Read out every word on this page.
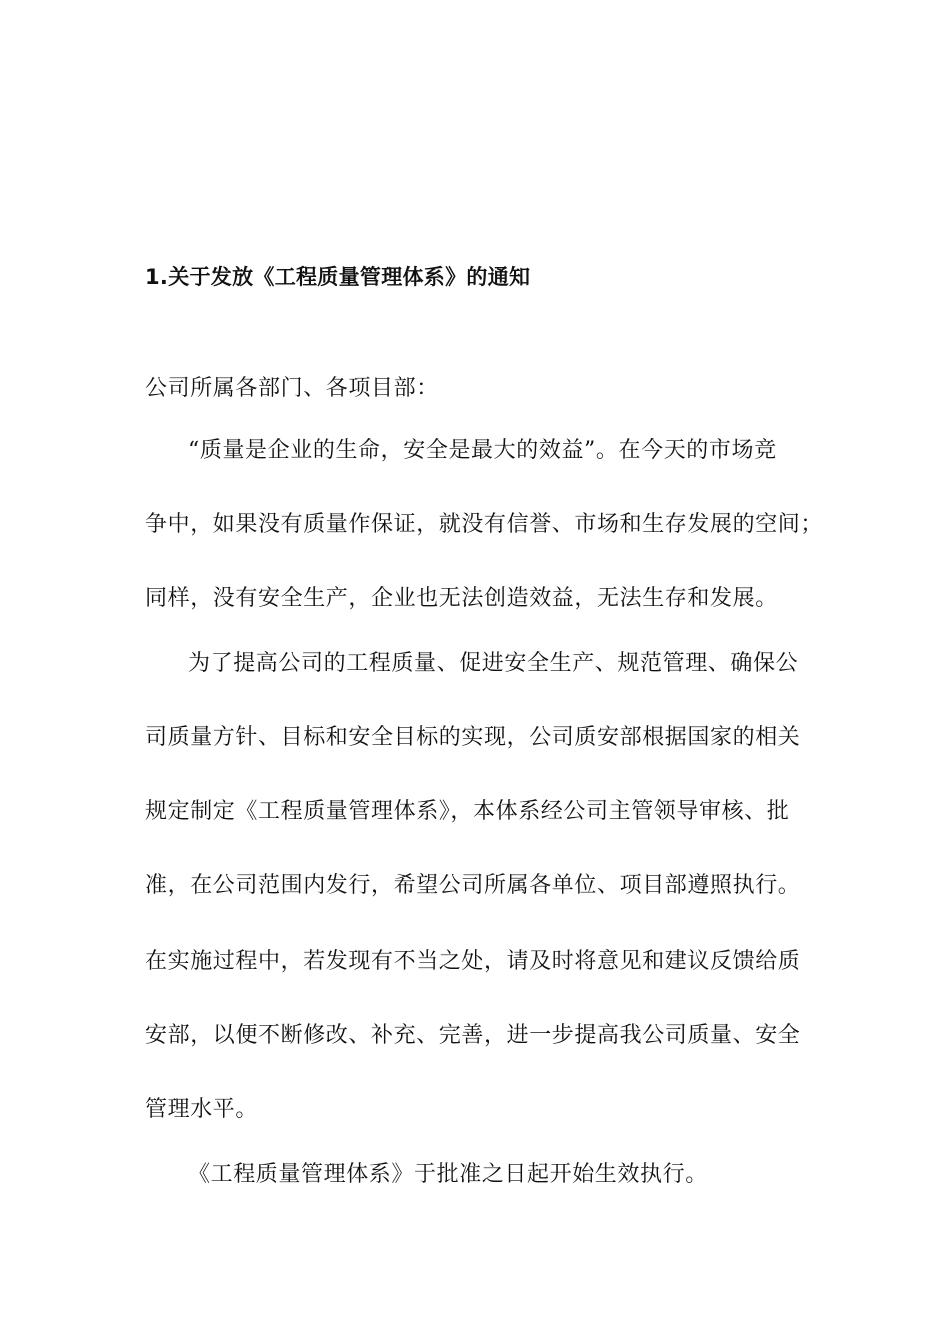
1.关于发放《工程质量管理体系》的通知
公司所属各部门、各项目部：
“质量是企业的生命，安全是最大的效益”。在今天的市场竞
争中，如果没有质量作保证，就没有信誉、市场和生存发展的空间；
同样，没有安全生产，企业也无法创造效益，无法生存和发展。
为了提高公司的工程质量、促进安全生产、规范管理、确保公
司质量方针、目标和安全目标的实现，公司质安部根据国家的相关
规定制定《工程质量管理体系》，本体系经公司主管领导审核、批
准，在公司范围内发行，希望公司所属各单位、项目部遵照执行。
在实施过程中，若发现有不当之处，请及时将意见和建议反馈给质
安部，以便不断修改、补充、完善，进一步提高我公司质量、安全
管理水平。
《工程质量管理体系》于批准之日起开始生效执行。
